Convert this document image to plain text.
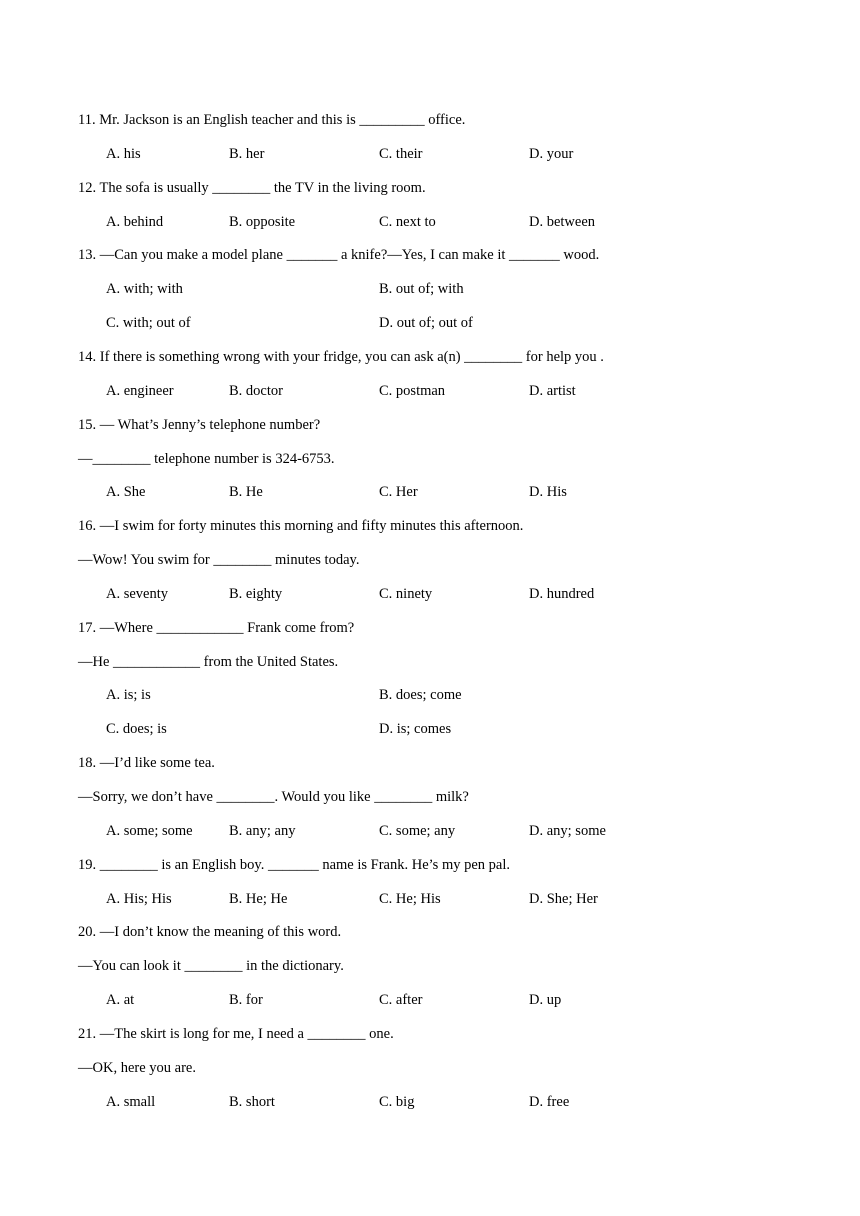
11. Mr. Jackson is an English teacher and this is _________ office.
A. his	B. her	C. their	D. your
12. The sofa is usually ________ the TV in the living room.
A. behind	B. opposite	C. next to	D. between
13. —Can you make a model plane _______ a knife?—Yes, I can make it _______ wood.
A. with; with	B. out of; with
C. with; out of	D. out of; out of
14. If there is something wrong with your fridge, you can ask a(n) ________ for help you .
A. engineer	B. doctor	C. postman	D. artist
15. — What’s Jenny’s telephone number?
—________ telephone number is 324-6753.
A. She	B. He	C. Her	D. His
16. —I swim for forty minutes this morning and fifty minutes this afternoon.
—Wow! You swim for ________ minutes today.
A. seventy	B. eighty	C. ninety	D. hundred
17. —Where ____________ Frank come from?
—He ____________ from the United States.
A. is; is	B. does; come
C. does; is	D. is; comes
18. —I’d like some tea.
—Sorry, we don’t have ________. Would you like ________ milk?
A. some; some	B. any; any	C. some; any	D. any; some
19. ________ is an English boy. _______ name is Frank. He’s my pen pal.
A. His; His	B. He; He	C. He; His	D. She; Her
20. —I don’t know the meaning of this word.
—You can look it ________ in the dictionary.
A. at	B. for	C. after	D. up
21. ―The skirt is long for me, I need a ________ one.
―OK, here you are.
A. small	B. short	C. big	D. free
